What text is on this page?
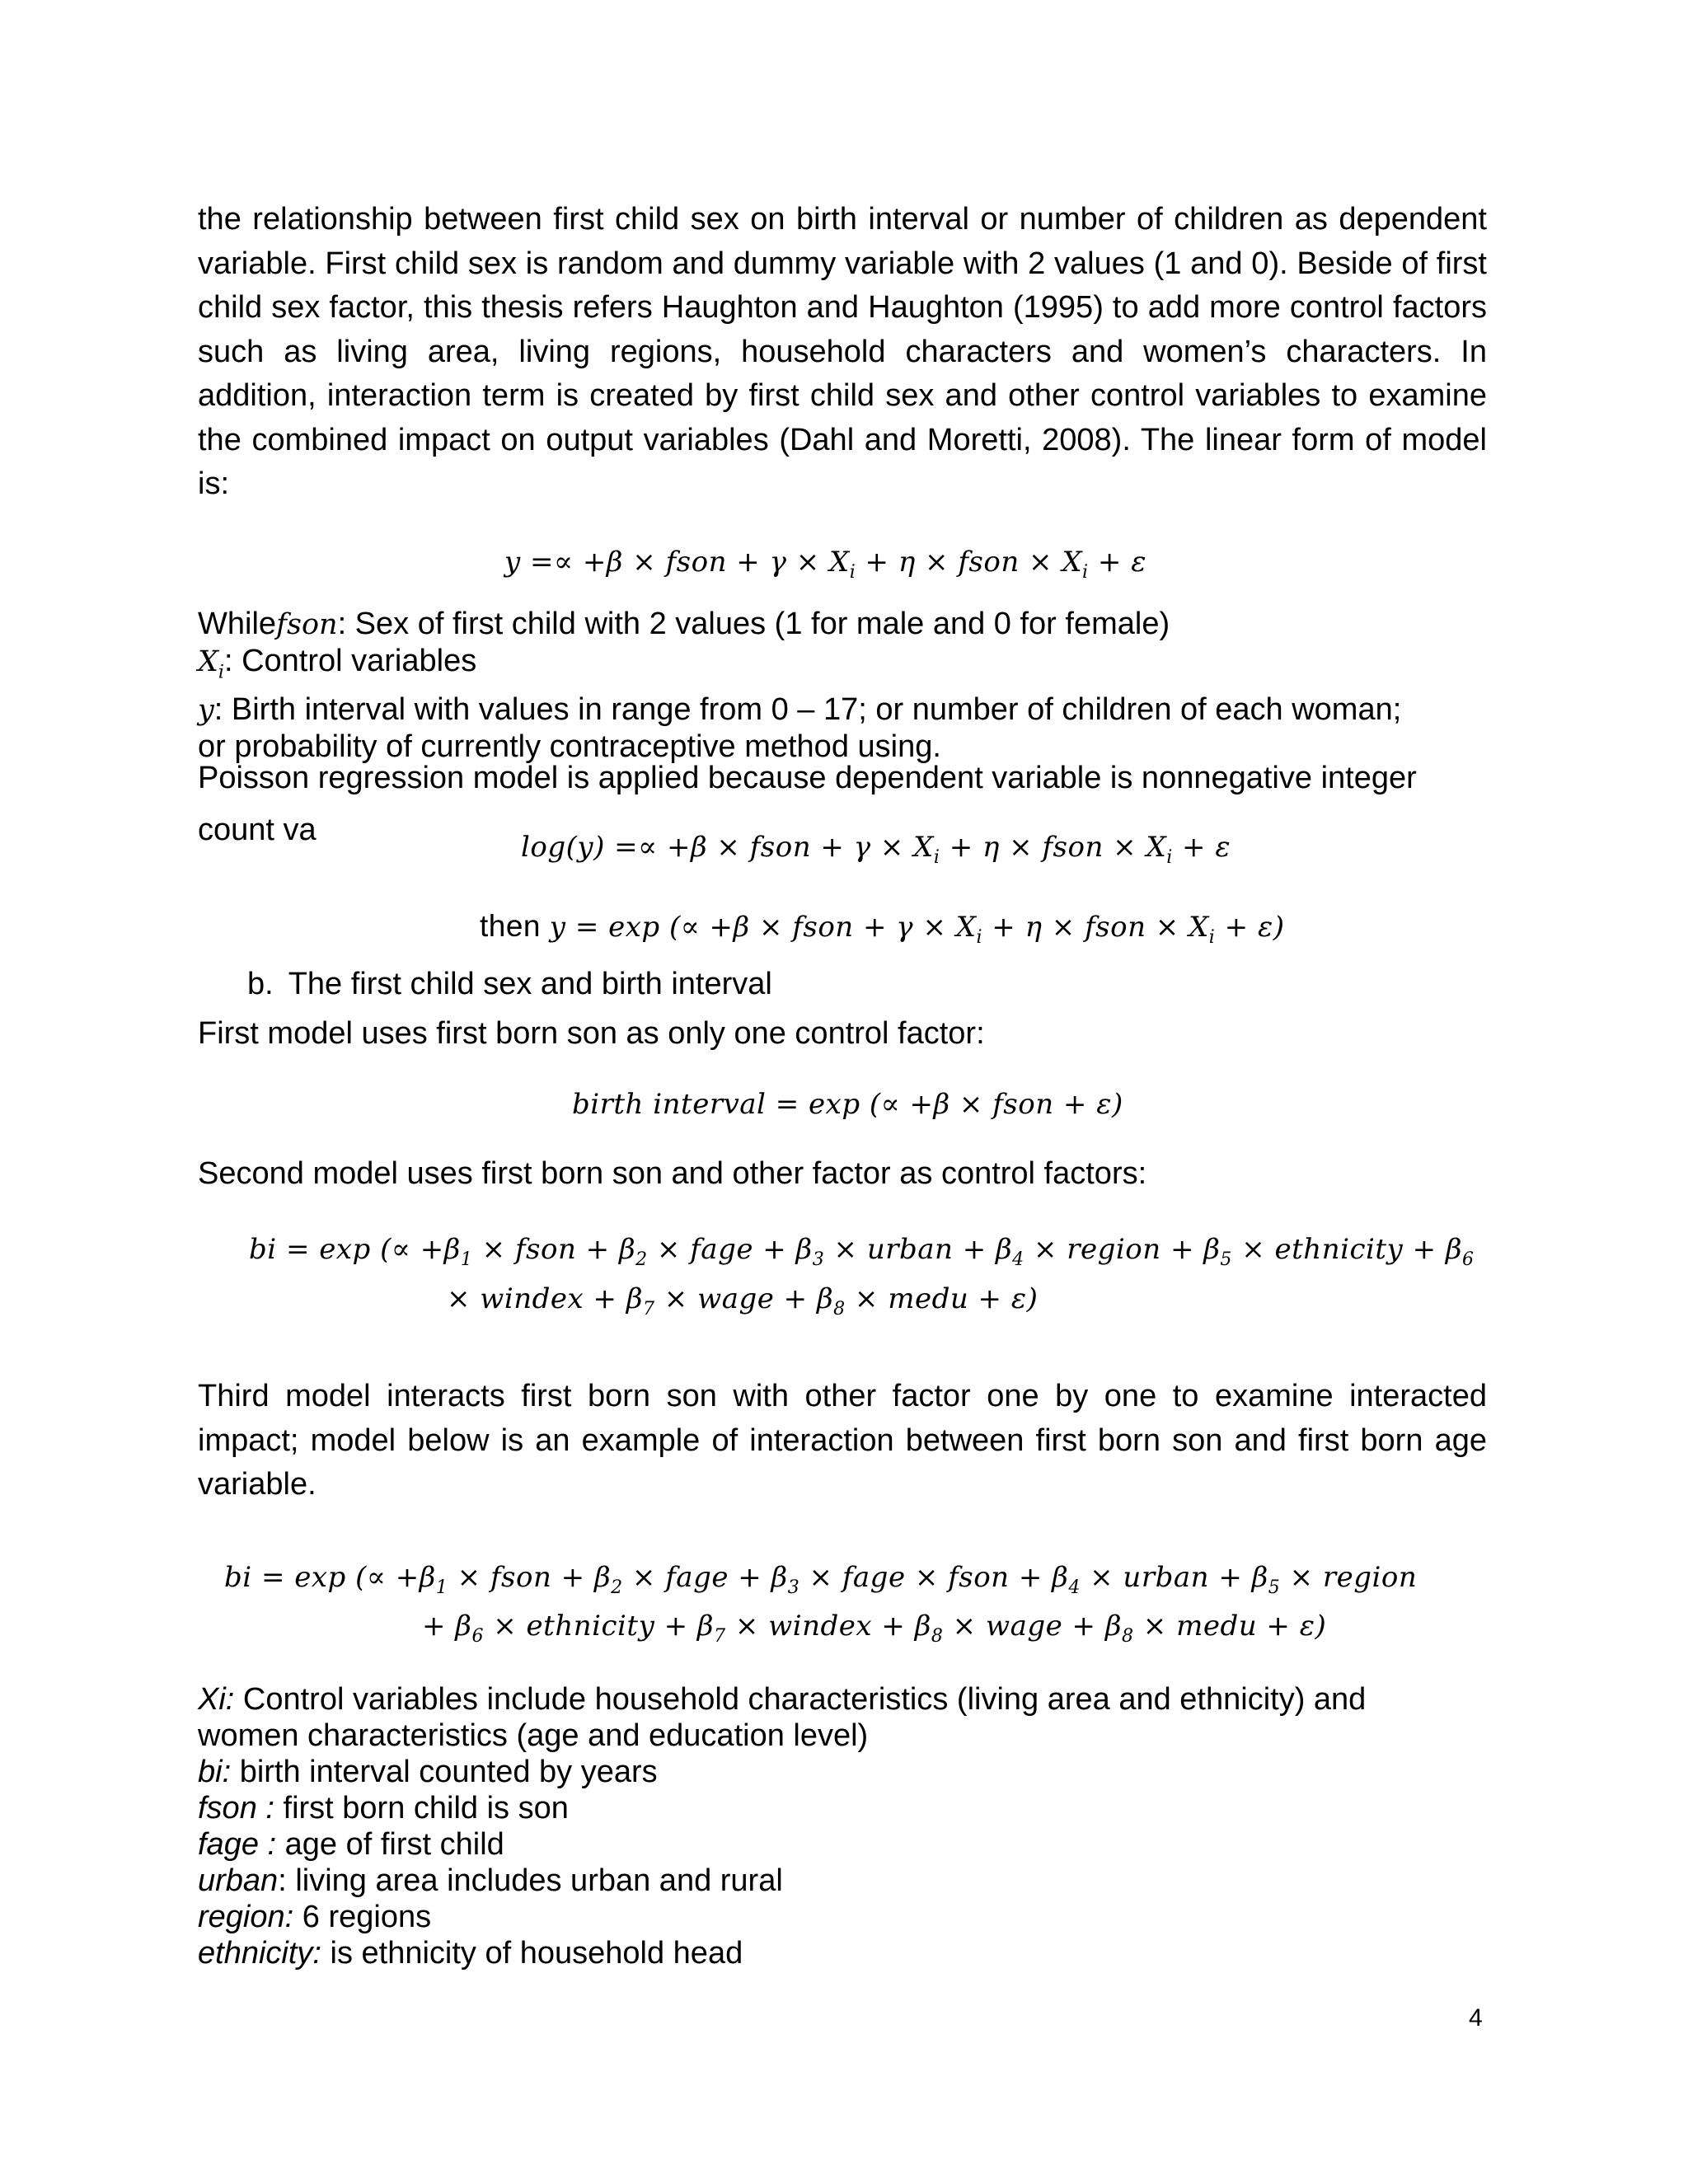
the relationship between first child sex on birth interval or number of children as dependent variable. First child sex is random and dummy variable with 2 values (1 and 0). Beside of first child sex factor, this thesis refers Haughton and Haughton (1995) to add more control factors such as living area, living regions, household characters and women’s characters. In addition, interaction term is created by first child sex and other control variables to examine the combined impact on output variables (Dahl and Moretti, 2008). The linear form of model is:
y =∝ +β × fson + $\gamma \times X_i + \eta$ × fson × $X_i + \varepsilon$
Whilefson: Sex of first child with 2 values (1 for male and 0 for female)
$X_i$: Control variables
y: Birth interval with values in range from 0 – 17; or number of children of each woman;
or probability of currently contraceptive method using.
Poisson regression model is applied because dependent variable is nonnegative integer
count va	log(y) =∝ +β × fson + $\gamma \times X_i + \eta$ × fson × $X_i + \varepsilon$
then y = exp (∝ +β × fson + $\gamma \times X_i + \eta$ × fson × $X_i + \varepsilon$)
b. The first child sex and birth interval
First model uses first born son as only one control factor:
birth interval = exp (∝ +β × fson + ε)
Second model uses first born son and other factor as control factors:
bi = exp (∝ $+\beta_1$ × fson + $\beta_2$ × fage + $\beta_3$ × urban + $\beta_4$ × region + $\beta_5$ × ethnicity + $\beta_6$
× windex + $\beta_7$ × wage + $\beta_8$ × medu + ε)
Third model interacts first born son with other factor one by one to examine interacted impact; model below is an example of interaction between first born son and first born age variable.
bi = exp (∝ $+\beta_1$ × fson + $\beta_2$ × fage + $\beta_3$ × fage × fson + $\beta_4$ × urban + $\beta_5$ × region
+ $\beta_6$ × ethnicity + $\beta_7$ × windex + $\beta_8$ × wage + $\beta_8$ × medu + ε)
Xi: Control variables include household characteristics (living area and ethnicity) and
women characteristics (age and education level)
bi: birth interval counted by years
fson : first born child is son
fage : age of first child
urban: living area includes urban and rural
region: 6 regions
ethnicity: is ethnicity of household head
4
